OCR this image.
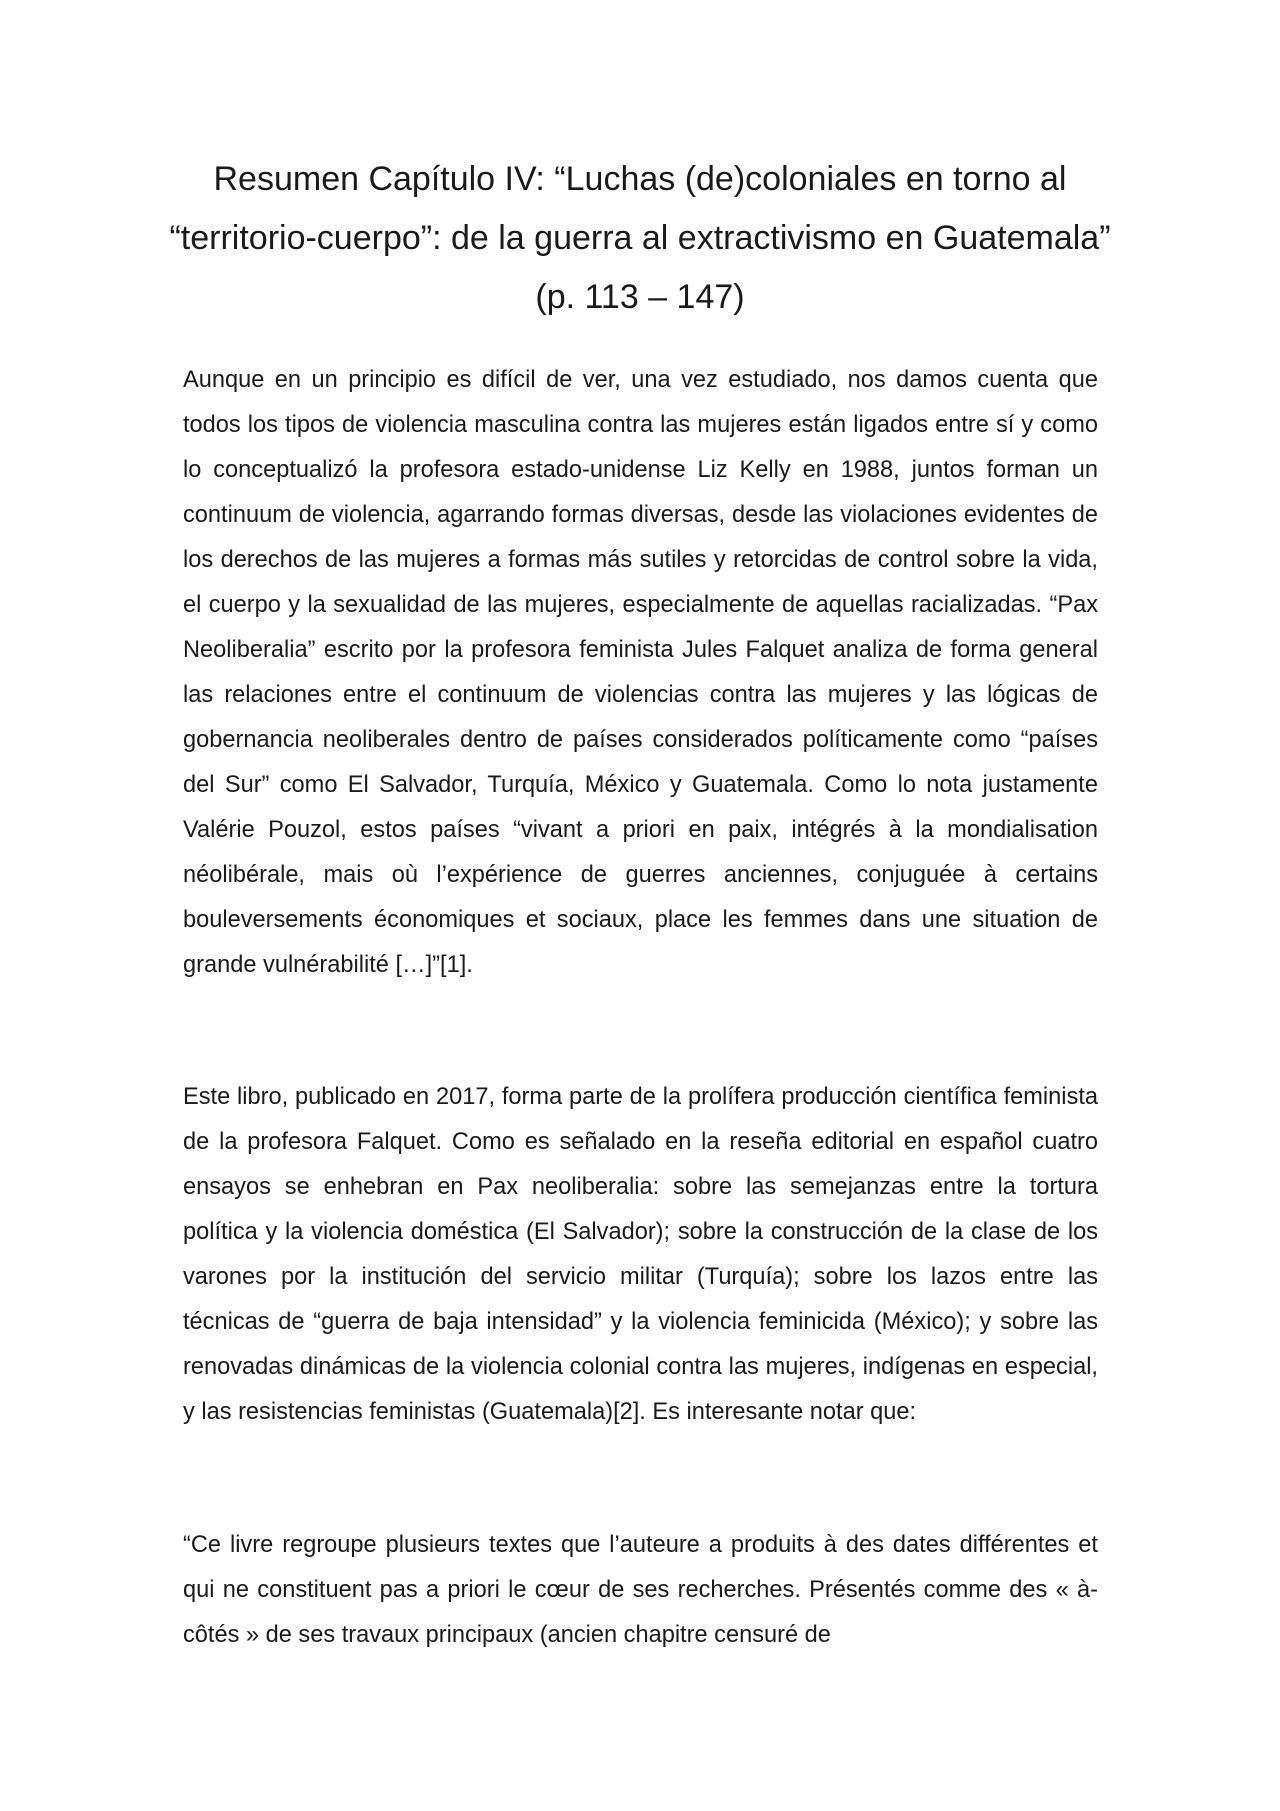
Resumen Capítulo IV: “Luchas (de)coloniales en torno al “territorio-cuerpo”: de la guerra al extractivismo en Guatemala” (p. 113 – 147)

Aunque en un principio es difícil de ver, una vez estudiado, nos damos cuenta que todos los tipos de violencia masculina contra las mujeres están ligados entre sí y como lo conceptualizó la profesora estado-unidense Liz Kelly en 1988, juntos forman un continuum de violencia, agarrando formas diversas, desde las violaciones evidentes de los derechos de las mujeres a formas más sutiles y retorcidas de control sobre la vida, el cuerpo y la sexualidad de las mujeres, especialmente de aquellas racializadas. “Pax Neoliberalia” escrito por la profesora feminista Jules Falquet analiza de forma general las relaciones entre el continuum de violencias contra las mujeres y las lógicas de gobernancia neoliberales dentro de países considerados políticamente como “países del Sur” como El Salvador, Turquía, México y Guatemala. Como lo nota justamente Valérie Pouzol, estos países “vivant a priori en paix, intégrés à la mondialisation néolibérale, mais où l’expérience de guerres anciennes, conjuguée à certains bouleversements économiques et sociaux, place les femmes dans une situation de grande vulnérabilité […]”[1].

Este libro, publicado en 2017, forma parte de la prolífera producción científica feminista de la profesora Falquet. Como es señalado en la reseña editorial en español cuatro ensayos se enhebran en Pax neoliberalia: sobre las semejanzas entre la tortura política y la violencia doméstica (El Salvador); sobre la construcción de la clase de los varones por la institución del servicio militar (Turquía); sobre los lazos entre las técnicas de “guerra de baja intensidad” y la violencia feminicida (México); y sobre las renovadas dinámicas de la violencia colonial contra las mujeres, indígenas en especial, y las resistencias feministas (Guatemala)[2]. Es interesante notar que:

“Ce livre regroupe plusieurs textes que l’auteure a produits à des dates différentes et qui ne constituent pas a priori le cœur de ses recherches. Présentés comme des « à-côtés » de ses travaux principaux (ancien chapitre censuré de
